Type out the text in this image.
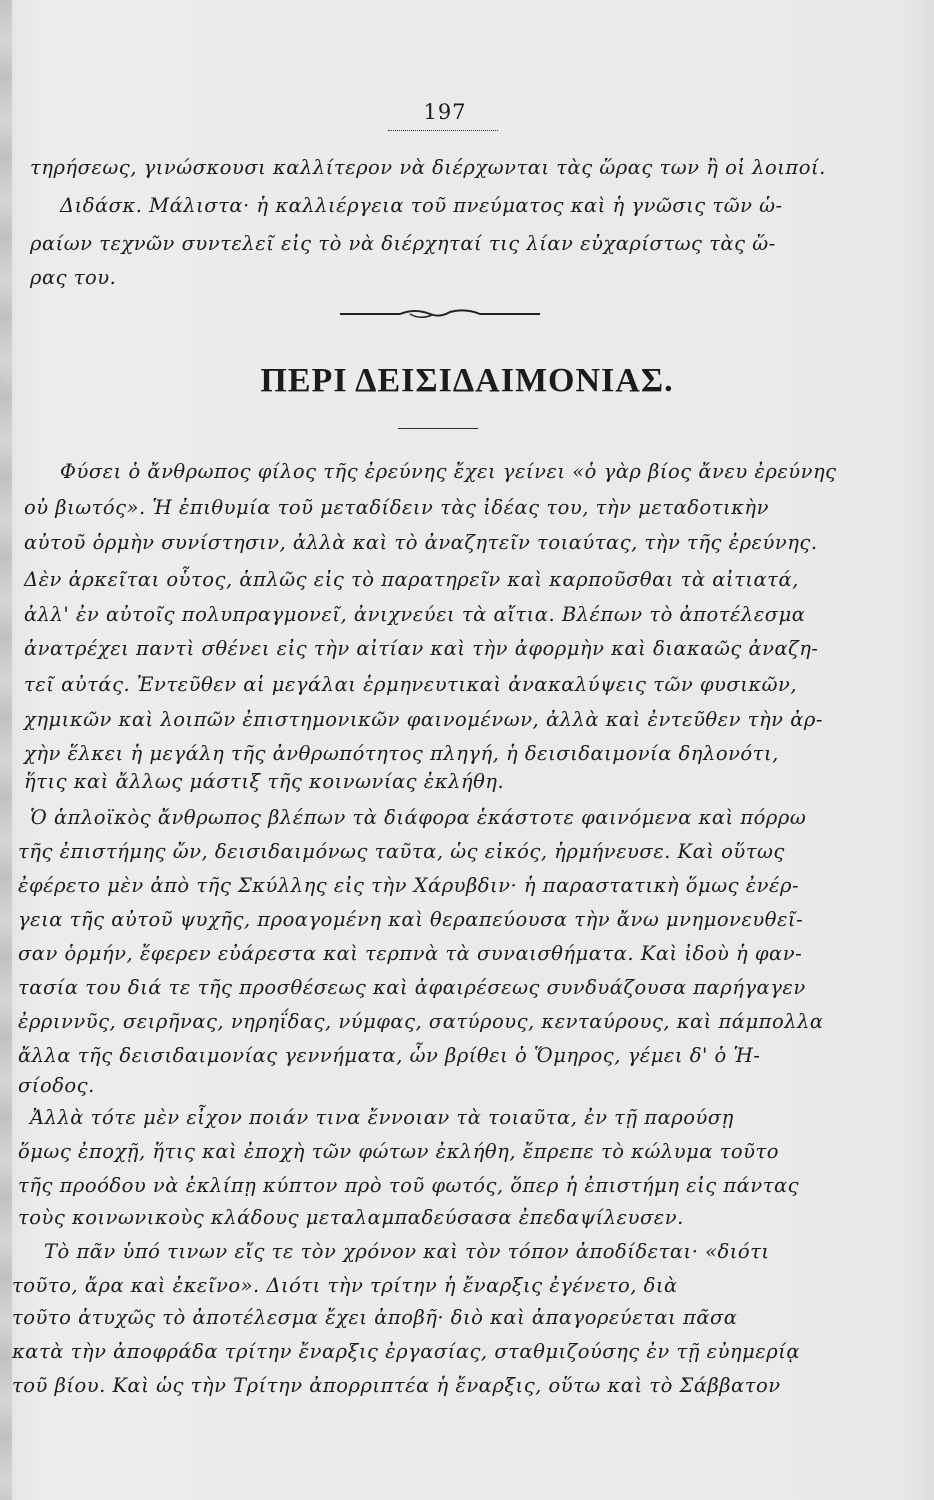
197
τηρήσεως, γινώσκουσι καλλίτερον νὰ διέρχωνται τὰς ὥρας των ἢ οἱ λοιποί.
Διδάσκ. Μάλιστα· ἡ καλλιέργεια τοῦ πνεύματος καὶ ἡ γνῶσις τῶν ὡ-
ραίων τεχνῶν συντελεῖ εἰς τὸ νὰ διέρχηταί τις λίαν εὐχαρίστως τὰς ὥ-
ρας του.
ΠΕΡΙ ΔΕΙΣΙΔΑΙΜΟΝΙΑΣ.
Φύσει ὁ ἄνθρωπος φίλος τῆς ἐρεύνης ἔχει γείνει «ὁ γὰρ βίος ἄνευ ἐρεύνης
οὐ βιωτός». Ἡ ἐπιθυμία τοῦ μεταδίδειν τὰς ἰδέας του, τὴν μεταδοτικὴν
αὐτοῦ ὁρμὴν συνίστησιν, ἀλλὰ καὶ τὸ ἀναζητεῖν τοιαύτας, τὴν τῆς ἐρεύνης.
Δὲν ἀρκεῖται οὗτος, ἁπλῶς εἰς τὸ παρατηρεῖν καὶ καρποῦσθαι τὰ αἰτιατά,
ἀλλ' ἐν αὐτοῖς πολυπραγμονεῖ, ἀνιχνεύει τὰ αἴτια. Βλέπων τὸ ἀποτέλεσμα
ἀνατρέχει παντὶ σθένει εἰς τὴν αἰτίαν καὶ τὴν ἀφορμὴν καὶ διακαῶς ἀναζη-
τεῖ αὐτάς. Ἐντεῦθεν αἱ μεγάλαι ἑρμηνευτικαὶ ἀνακαλύψεις τῶν φυσικῶν,
χημικῶν καὶ λοιπῶν ἐπιστημονικῶν φαινομένων, ἀλλὰ καὶ ἐντεῦθεν τὴν ἀρ-
χὴν ἕλκει ἡ μεγάλη τῆς ἀνθρωπότητος πληγή, ἡ δεισιδαιμονία δηλονότι,
ἥτις καὶ ἄλλως μάστιξ τῆς κοινωνίας ἐκλήθη.
Ὁ ἁπλοϊκὸς ἄνθρωπος βλέπων τὰ διάφορα ἑκάστοτε φαινόμενα καὶ πόρρω
τῆς ἐπιστήμης ὤν, δεισιδαιμόνως ταῦτα, ὡς εἰκός, ἡρμήνευσε. Καὶ οὕτως
ἐφέρετο μὲν ἀπὸ τῆς Σκύλλης εἰς τὴν Χάρυβδιν· ἡ παραστατικὴ ὅμως ἐνέρ-
γεια τῆς αὐτοῦ ψυχῆς, προαγομένη καὶ θεραπεύουσα τὴν ἄνω μνημονευθεῖ-
σαν ὁρμήν, ἔφερεν εὐάρεστα καὶ τερπνὰ τὰ συναισθήματα. Καὶ ἰδοὺ ἡ φαν-
τασία του διά τε τῆς προσθέσεως καὶ ἀφαιρέσεως συνδυάζουσα παρήγαγεν
ἐρριννῦς, σειρῆνας, νηρηΐδας, νύμφας, σατύρους, κενταύρους, καὶ πάμπολλα
ἄλλα τῆς δεισιδαιμονίας γεννήματα, ὧν βρίθει ὁ Ὅμηρος, γέμει δ' ὁ Ἡ-
σίοδος.
Ἀλλὰ τότε μὲν εἶχον ποιάν τινα ἔννοιαν τὰ τοιαῦτα, ἐν τῇ παρούσῃ
ὅμως ἐποχῇ, ἥτις καὶ ἐποχὴ τῶν φώτων ἐκλήθη, ἔπρεπε τὸ κώλυμα τοῦτο
τῆς προόδου νὰ ἐκλίπῃ κύπτον πρὸ τοῦ φωτός, ὅπερ ἡ ἐπιστήμη εἰς πάντας
τοὺς κοινωνικοὺς κλάδους μεταλαμπαδεύσασα ἐπεδαψίλευσεν.
Τὸ πᾶν ὑπό τινων εἴς τε τὸν χρόνον καὶ τὸν τόπον ἀποδίδεται· «διότι
τοῦτο, ἄρα καὶ ἐκεῖνο». Διότι τὴν τρίτην ἡ ἔναρξις ἐγένετο, διὰ
τοῦτο ἀτυχῶς τὸ ἀποτέλεσμα ἔχει ἀποβῆ· διὸ καὶ ἀπαγορεύεται πᾶσα
κατὰ τὴν ἀποφράδα τρίτην ἔναρξις ἐργασίας, σταθμιζούσης ἐν τῇ εὐημερίᾳ
τοῦ βίου. Καὶ ὡς τὴν Τρίτην ἀπορριπτέα ἡ ἔναρξις, οὕτω καὶ τὸ Σάββατον
